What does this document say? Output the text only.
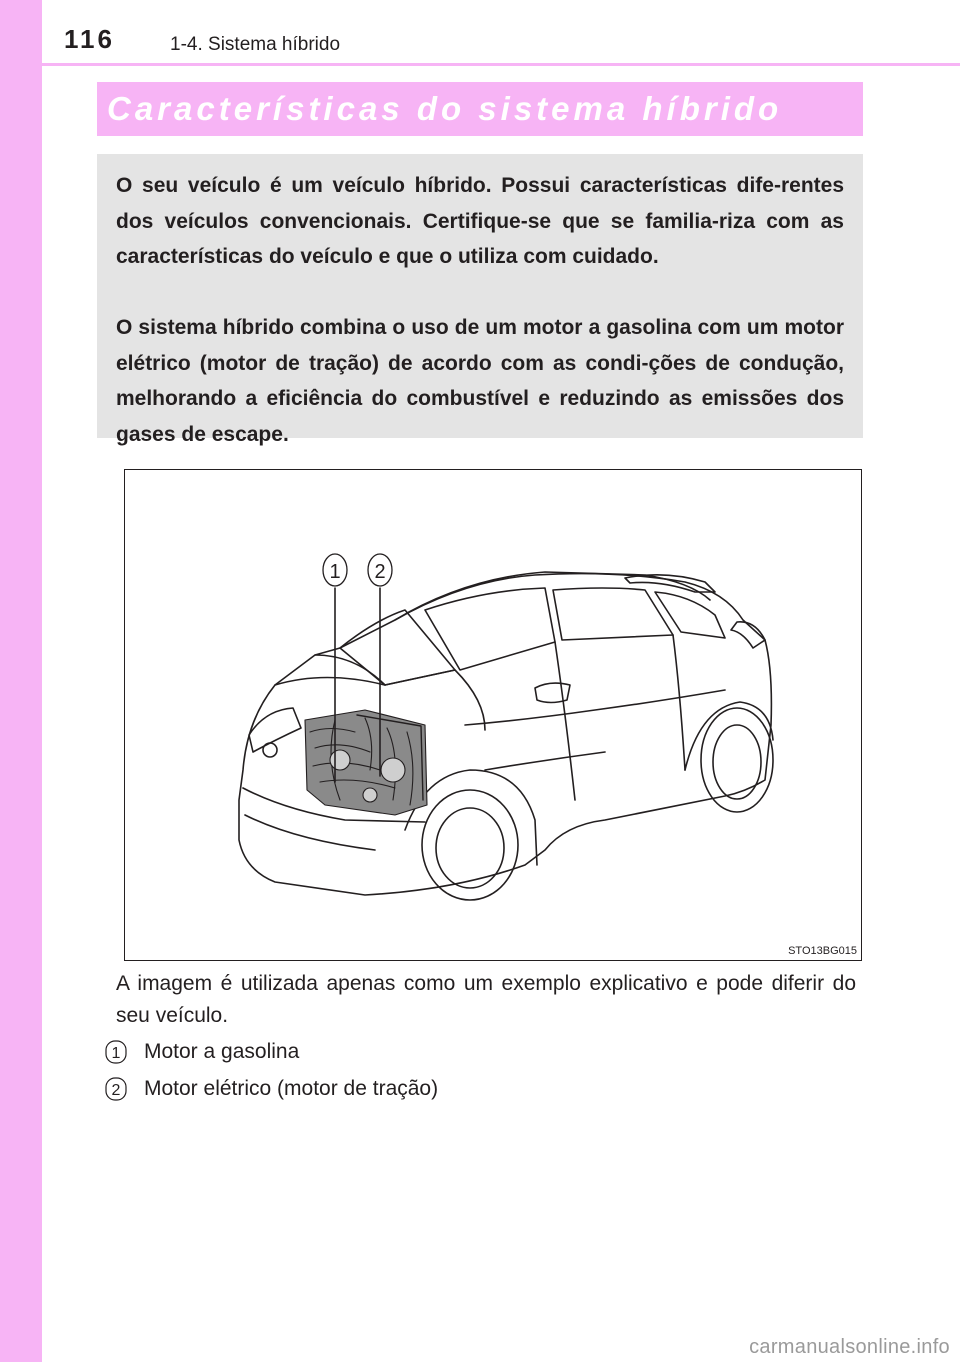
116	1-4. Sistema híbrido
Características do sistema híbrido

O seu veículo é um veículo híbrido. Possui características dife-rentes dos veículos convencionais. Certifique-se que se familia-riza com as características do veículo e que o utiliza com cuidado.

O sistema híbrido combina o uso de um motor a gasolina com um motor elétrico (motor de tração) de acordo com as condi-ções de condução, melhorando a eficiência do combustível e reduzindo as emissões dos gases de escape.

1 2
STO13BG015

A imagem é utilizada apenas como um exemplo explicativo e pode diferir do seu veículo.

1 Motor a gasolina
2 Motor elétrico (motor de tração)
carmanualsonline.info
